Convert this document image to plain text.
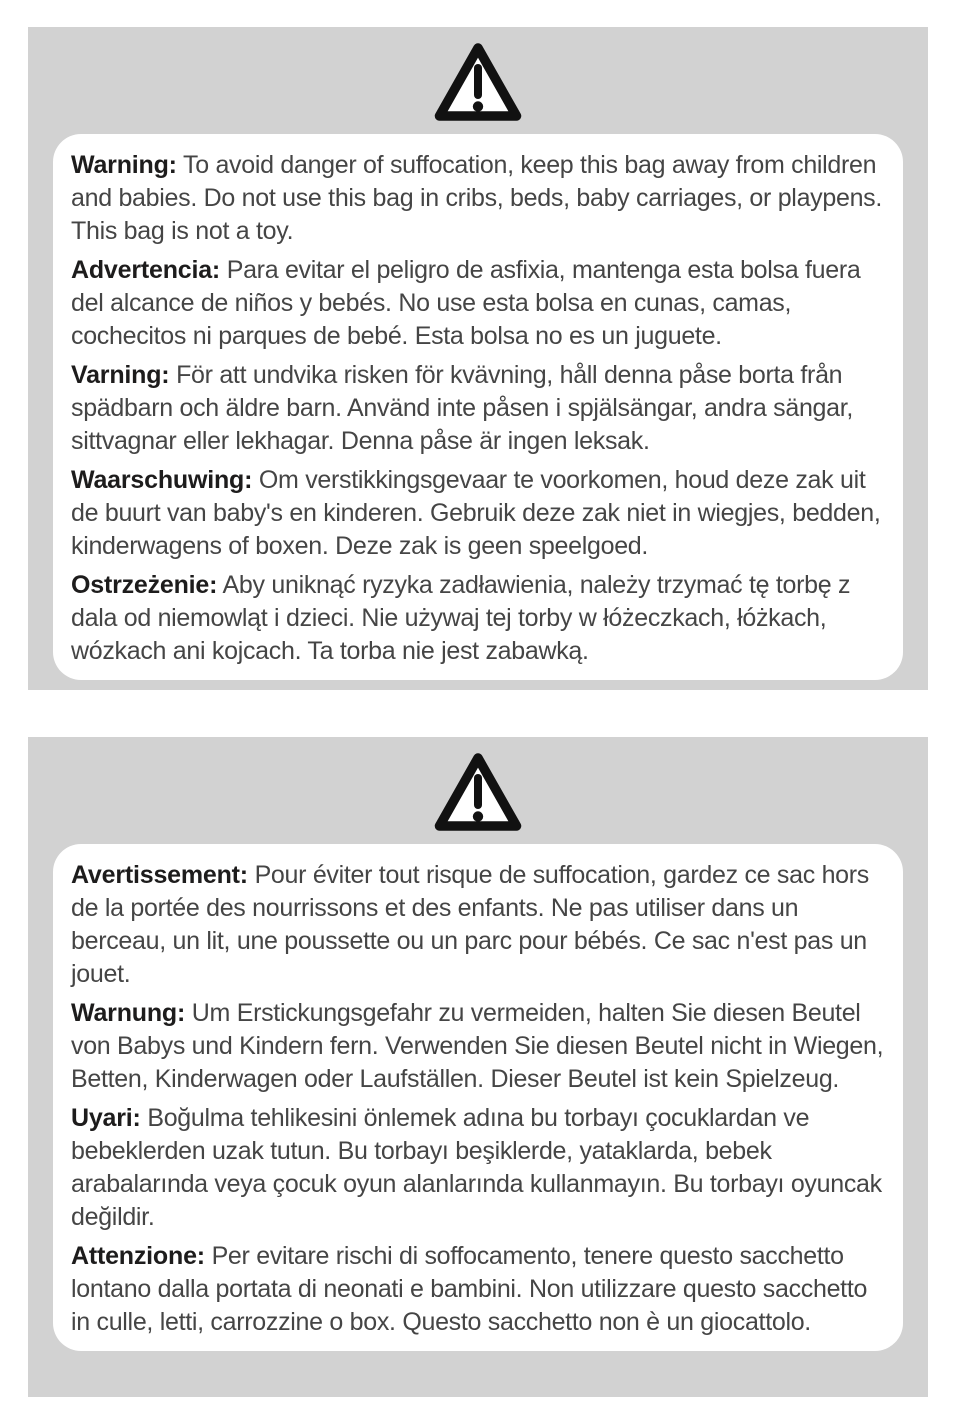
Warning: To avoid danger of suffocation, keep this bag away from children and babies. Do not use this bag in cribs, beds, baby carriages, or playpens. This bag is not a toy.

Advertencia: Para evitar el peligro de asfixia, mantenga esta bolsa fuera del alcance de niños y bebés. No use esta bolsa en cunas, camas, cochecitos ni parques de bebé. Esta bolsa no es un juguete.

Varning: För att undvika risken för kvävning, håll denna påse borta från spädbarn och äldre barn. Använd inte påsen i spjälsängar, andra sängar, sittvagnar eller lekhagar. Denna påse är ingen leksak.

Waarschuwing: Om verstikkingsgevaar te voorkomen, houd deze zak uit de buurt van baby's en kinderen. Gebruik deze zak niet in wiegjes, bedden, kinderwagens of boxen. Deze zak is geen speelgoed.

Ostrzeżenie: Aby uniknąć ryzyka zadławienia, należy trzymać tę torbę z dala od niemowląt i dzieci. Nie używaj tej torby w łóżeczkach, łóżkach, wózkach ani kojcach. Ta torba nie jest zabawką.

Avertissement: Pour éviter tout risque de suffocation, gardez ce sac hors de la portée des nourrissons et des enfants. Ne pas utiliser dans un berceau, un lit, une poussette ou un parc pour bébés. Ce sac n'est pas un jouet.

Warnung: Um Erstickungsgefahr zu vermeiden, halten Sie diesen Beutel von Babys und Kindern fern. Verwenden Sie diesen Beutel nicht in Wiegen, Betten, Kinderwagen oder Laufställen. Dieser Beutel ist kein Spielzeug.

Uyari: Boğulma tehlikesini önlemek adına bu torbayı çocuklardan ve bebeklerden uzak tutun. Bu torbayı beşiklerde, yataklarda, bebek arabalarında veya çocuk oyun alanlarında kullanmayın. Bu torbayı oyuncak değildir.

Attenzione: Per evitare rischi di soffocamento, tenere questo sacchetto lontano dalla portata di neonati e bambini. Non utilizzare questo sacchetto in culle, letti, carrozzine o box. Questo sacchetto non è un giocattolo.
